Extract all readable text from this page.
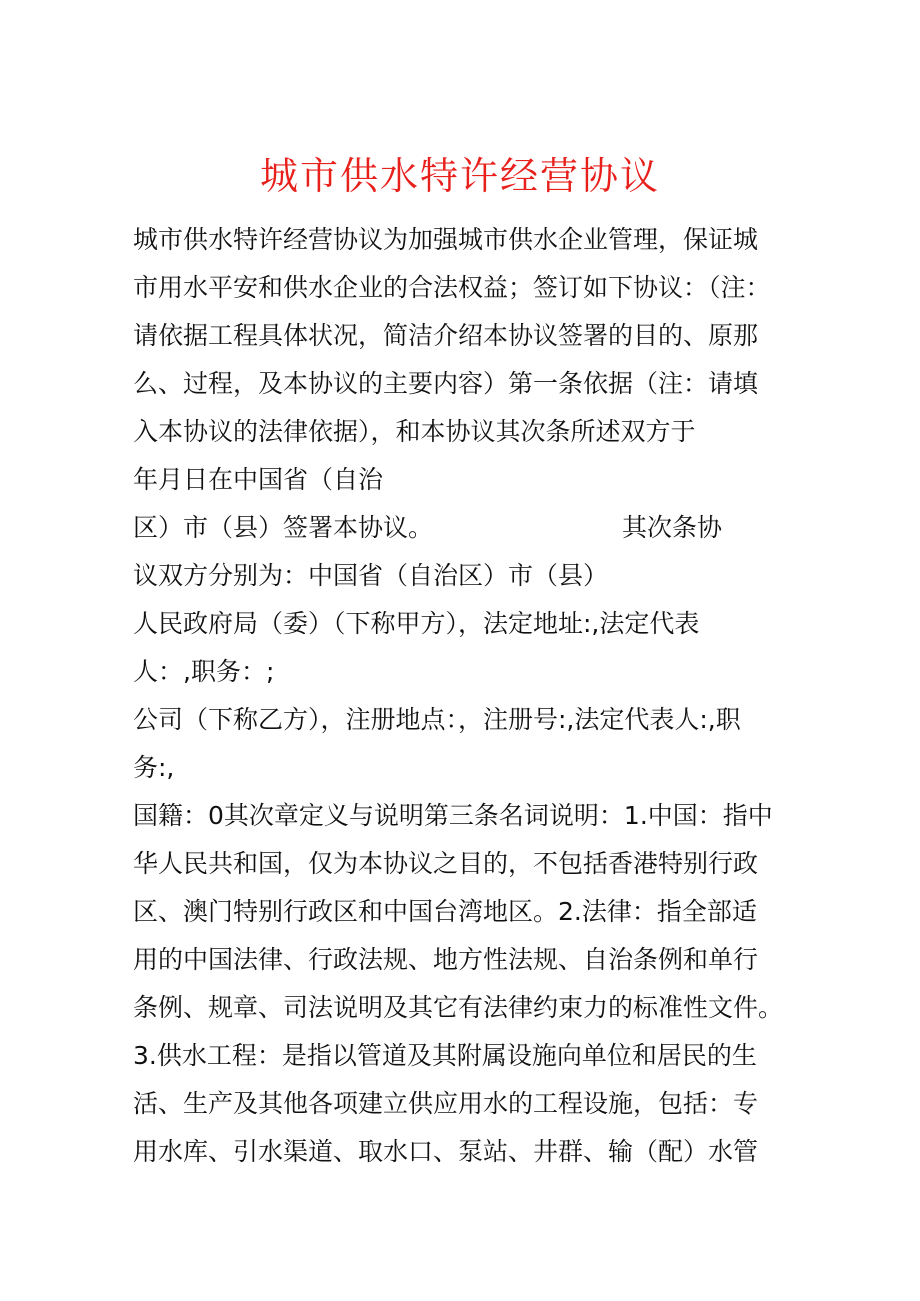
城市供水特许经营协议
城市供水特许经营协议为加强城市供水企业管理，保证城
市用水平安和供水企业的合法权益；签订如下协议：（注：
请依据工程具体状况，简洁介绍本协议签署的目的、原那
么、过程，及本协议的主要内容）第一条依据（注：请填
入本协议的法律依据），和本协议其次条所述双方于
年月日在中国省（自治
区）市（县）签署本协议。	其次条协
议双方分别为：中国省（自治区）市（县）
人民政府局（委）（下称甲方），法定地址:,法定代表
人：,职务：;
公司（下称乙方），注册地点：，注册号:,法定代表人:,职
务:,
国籍：0其次章定义与说明第三条名词说明：1.中国：指中
华人民共和国，仅为本协议之目的，不包括香港特别行政
区、澳门特别行政区和中国台湾地区。2.法律：指全部适
用的中国法律、行政法规、地方性法规、自治条例和单行
条例、规章、司法说明及其它有法律约束力的标准性文件。
3.供水工程：是指以管道及其附属设施向单位和居民的生
活、生产及其他各项建立供应用水的工程设施，包括：专
用水库、引水渠道、取水口、泵站、井群、输（配）水管
